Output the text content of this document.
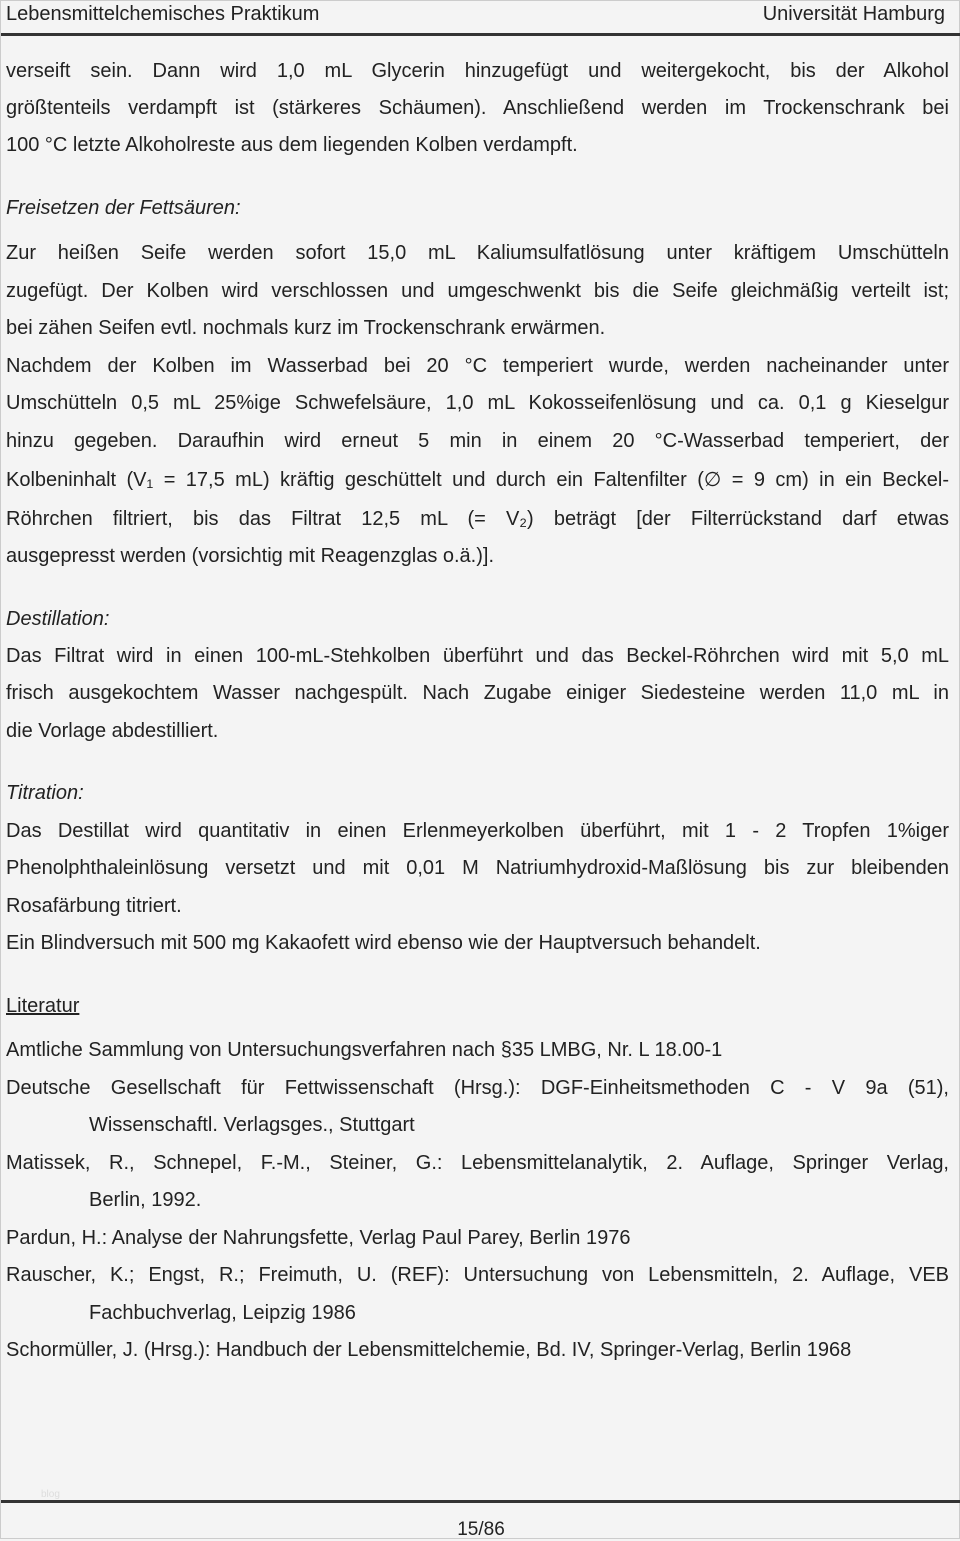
Lebensmittelchemisches Praktikum	Universität Hamburg
verseift sein. Dann wird 1,0 mL Glycerin hinzugefügt und weitergekocht, bis der Alkohol
größtenteils verdampft ist (stärkeres Schäumen). Anschließend werden im Trockenschrank bei
100 °C letzte Alkoholreste aus dem liegenden Kolben verdampft.
Freisetzen der Fettsäuren:
Zur heißen Seife werden sofort 15,0 mL Kaliumsulfatlösung unter kräftigem Umschütteln
zugefügt. Der Kolben wird verschlossen und umgeschwenkt bis die Seife gleichmäßig verteilt ist;
bei zähen Seifen evtl. nochmals kurz im Trockenschrank erwärmen.
Nachdem der Kolben im Wasserbad bei 20 °C temperiert wurde, werden nacheinander unter
Umschütteln 0,5 mL 25%ige Schwefelsäure, 1,0 mL Kokosseifenlösung und ca. 0,1 g Kieselgur
hinzu gegeben. Daraufhin wird erneut 5 min in einem 20 °C-Wasserbad temperiert, der
Kolbeninhalt (V₁ = 17,5 mL) kräftig geschüttelt und durch ein Faltenfilter (∅ = 9 cm) in ein Beckel-
Röhrchen filtriert, bis das Filtrat 12,5 mL (= V₂) beträgt [der Filterrückstand darf etwas
ausgepresst werden (vorsichtig mit Reagenzglas o.ä.)].
Destillation:
Das Filtrat wird in einen 100-mL-Stehkolben überführt und das Beckel-Röhrchen wird mit 5,0 mL
frisch ausgekochtem Wasser nachgespült. Nach Zugabe einiger Siedesteine werden 11,0 mL in
die Vorlage abdestilliert.
Titration:
Das Destillat wird quantitativ in einen Erlenmeyerkolben überführt, mit 1 - 2 Tropfen 1%iger
Phenolphthaleinlösung versetzt und mit 0,01 M Natriumhydroxid-Maßlösung bis zur bleibenden
Rosafärbung titriert.
Ein Blindversuch mit 500 mg Kakaofett wird ebenso wie der Hauptversuch behandelt.
Literatur
Amtliche Sammlung von Untersuchungsverfahren nach §35 LMBG, Nr. L 18.00-1
Deutsche Gesellschaft für Fettwissenschaft (Hrsg.): DGF-Einheitsmethoden C - V 9a (51),
Wissenschaftl. Verlagsges., Stuttgart
Matissek, R., Schnepel, F.-M., Steiner, G.: Lebensmittelanalytik, 2. Auflage, Springer Verlag,
Berlin, 1992.
Pardun, H.: Analyse der Nahrungsfette, Verlag Paul Parey, Berlin 1976
Rauscher, K.; Engst, R.; Freimuth, U. (REF): Untersuchung von Lebensmitteln, 2. Auflage, VEB
Fachbuchverlag, Leipzig 1986
Schormüller, J. (Hrsg.): Handbuch der Lebensmittelchemie, Bd. IV, Springer-Verlag, Berlin 1968
blog
15/86
